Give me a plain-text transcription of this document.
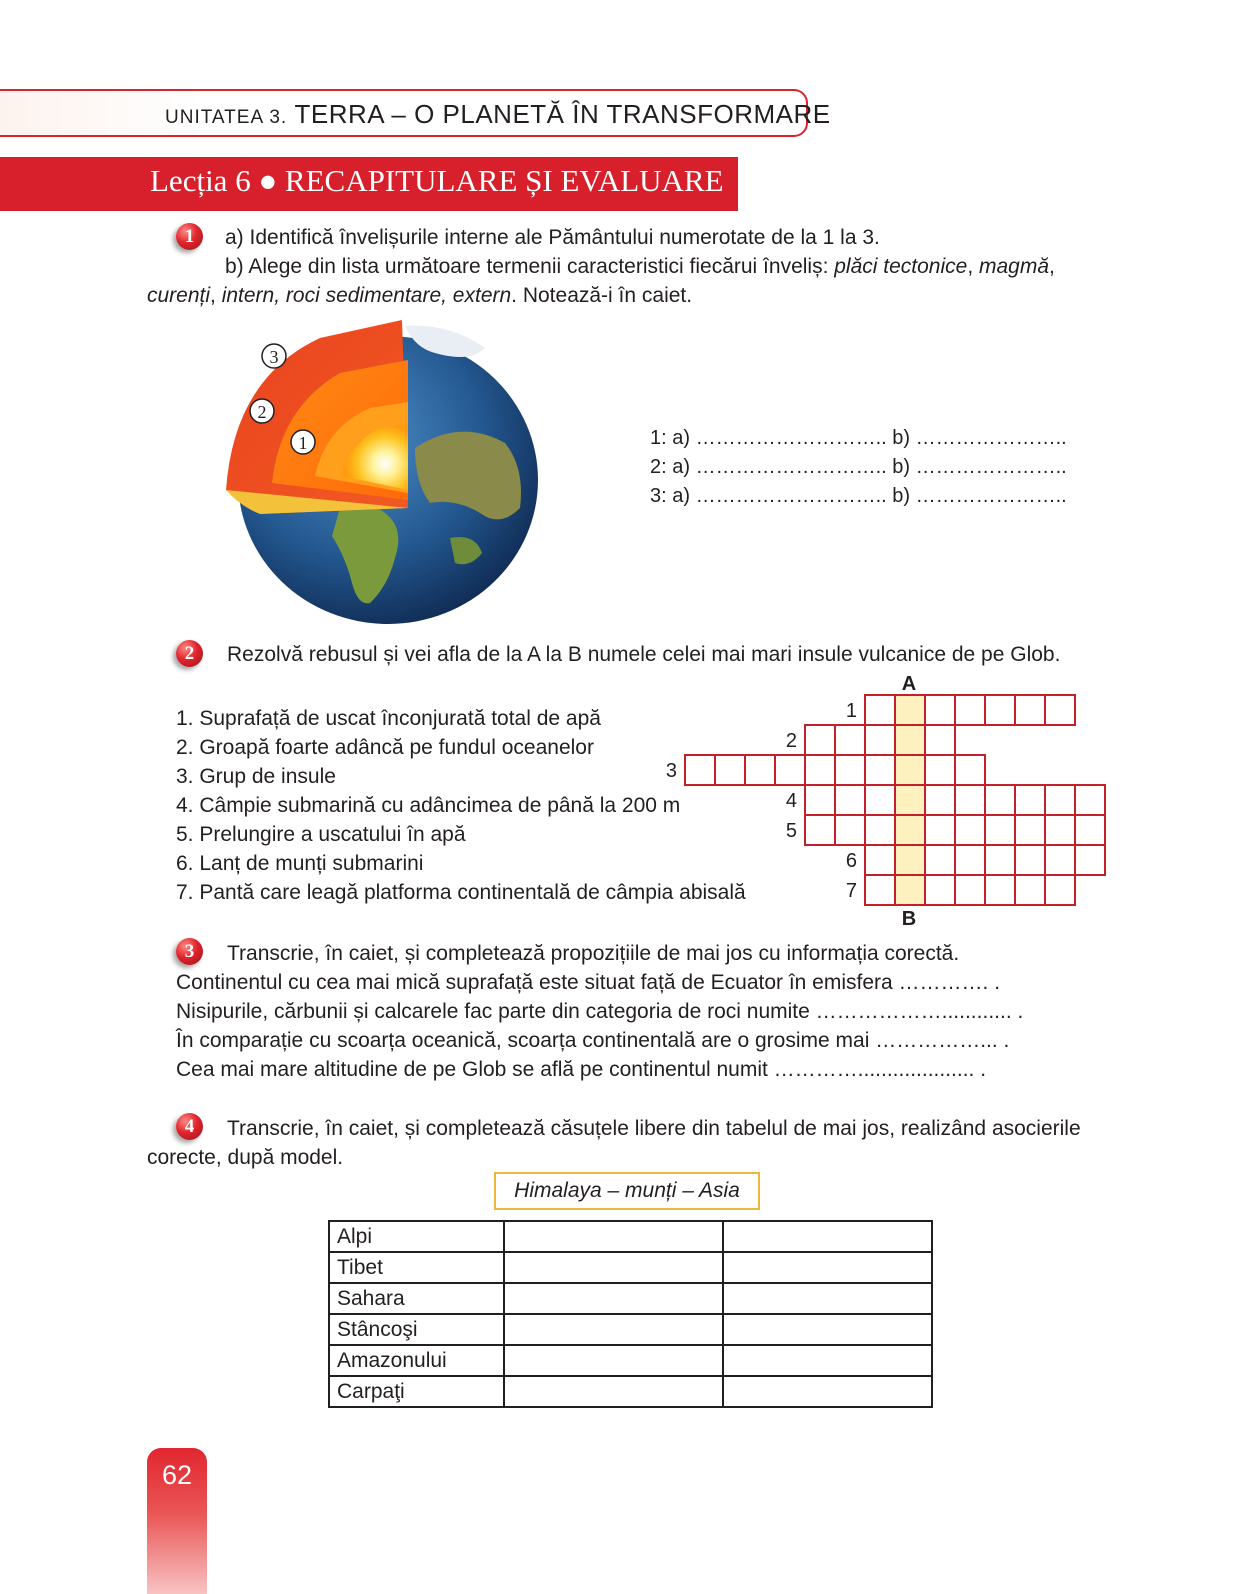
UNITATEA 3. TERRA – O PLANETĂ ÎN TRANSFORMARE
Lecția 6 ● RECAPITULARE ȘI EVALUARE
1	a) Identifică învelișurile interne ale Pământului numerotate de la 1 la 3.
b) Alege din lista următoare termenii caracteristici fiecărui înveliș: plăci tectonice, magmă,
curenți, intern, roci sedimentare, extern. Notează-i în caiet.
3
2
1	1: a) ……………………….. b) …………………..
2: a) ……………………….. b) …………………..
3: a) ……………………….. b) …………………..
2	Rezolvă rebusul și vei afla de la A la B numele celei mai mari insule vulcanice de pe Glob.
1. Suprafață de uscat înconjurată total de apă
2. Groapă foarte adâncă pe fundul oceanelor
3. Grup de insule
4. Câmpie submarină cu adâncimea de până la 200 m
5. Prelungire a uscatului în apă
6. Lanț de munți submarini
7. Pantă care leagă platforma continentală de câmpia abisală
A
B
1
2
3
4
5
6
7
3	Transcrie, în caiet, și completează propozițiile de mai jos cu informația corectă.
Continentul cu cea mai mică suprafață este situat față de Ecuator în emisfera …………. .
Nisipurile, cărbunii și calcarele fac parte din categoria de roci numite ………………............ .
În comparație cu scoarța oceanică, scoarța continentală are o grosime mai ……………... .
Cea mai mare altitudine de pe Glob se află pe continentul numit ………….................... .
4	Transcrie, în caiet, și completează căsuțele libere din tabelul de mai jos, realizând asocierile
corecte, după model.
Himalaya – munți – Asia
Alpi		
Tibet		
Sahara		
Stâncoşi		
Amazonului		
Carpaţi		
62
